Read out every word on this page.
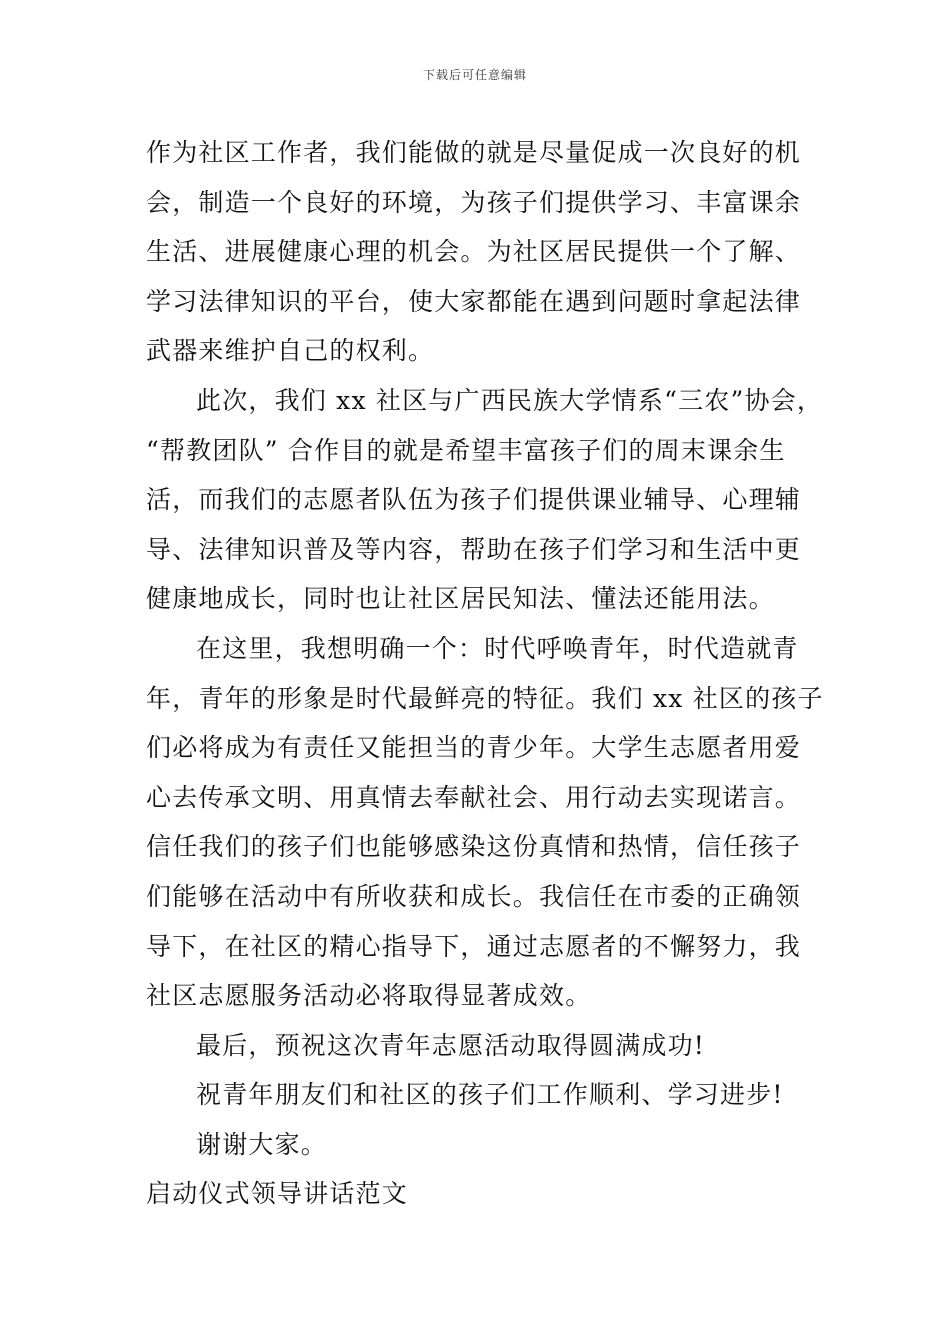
下载后可任意编辑
作为社区工作者，我们能做的就是尽量促成一次良好的机
会，制造一个良好的环境，为孩子们提供学习、丰富课余
生活、进展健康心理的机会。为社区居民提供一个了解、
学习法律知识的平台，使大家都能在遇到问题时拿起法律
武器来维护自己的权利。
此次，我们 xx 社区与广西民族大学情系“三农”协会，
“帮教团队” 合作目的就是希望丰富孩子们的周末课余生
活，而我们的志愿者队伍为孩子们提供课业辅导、心理辅
导、法律知识普及等内容，帮助在孩子们学习和生活中更
健康地成长，同时也让社区居民知法、懂法还能用法。
在这里，我想明确一个：时代呼唤青年，时代造就青
年，青年的形象是时代最鲜亮的特征。我们 xx 社区的孩子
们必将成为有责任又能担当的青少年。大学生志愿者用爱
心去传承文明、用真情去奉献社会、用行动去实现诺言。
信任我们的孩子们也能够感染这份真情和热情，信任孩子
们能够在活动中有所收获和成长。我信任在市委的正确领
导下，在社区的精心指导下，通过志愿者的不懈努力，我
社区志愿服务活动必将取得显著成效。
最后，预祝这次青年志愿活动取得圆满成功!
祝青年朋友们和社区的孩子们工作顺利、学习进步!
谢谢大家。
启动仪式领导讲话范文
